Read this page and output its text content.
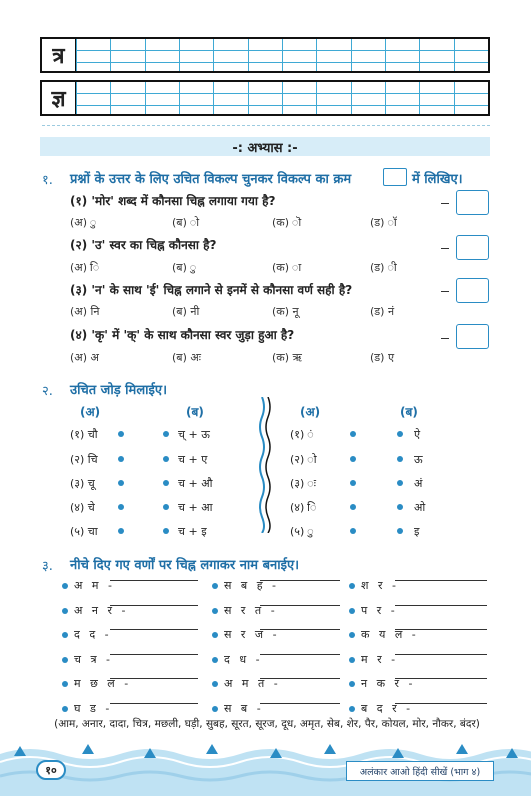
त्र
ज्ञ
-: अभ्यास :-
१. प्रश्नों के उत्तर के लिए उचित विकल्प चुनकर विकल्प का क्रम	में लिखिए।
(१) 'मोर' शब्द में कौनसा चिह्न लगाया गया है?
(अ) ु	(ब) ो	(क) ॊ	(ड) ॉ
(२) 'उ' स्वर का चिह्न कौनसा है?
(अ) ि	(ब) ु	(क) ा	(ड) ी
(३) 'न' के साथ 'ई' चिह्न लगाने से इनमें से कौनसा वर्ण सही है?
(अ) नि	(ब) नी	(क) नू	(ड) नं
(४) 'कृ' में 'क्' के साथ कौनसा स्वर जुड़ा हुआ है?
(अ) अ	(ब) अः	(क) ऋ	(ड) ए
२. उचित जोड़ मिलाईए।
(अ)	(ब)	(अ)	(ब)
(१) चौ	च् + ऊ
(२) चि	च + ए
(३) चू	च + औ
(४) चे	च + आ
(५) चा	च + इ
(१) ं	ऐ
(२) ो	ऊ
(३) ः	अं
(४) ि	ओ
(५) ु	इ
३. नीचे दिए गए वर्णों पर चिह्न लगाकर नाम बनाईए।
अ म -
अ न र -
द द -
च त्र -
म छ ल -
घ ड -
स ब ह -
स र त -
स र ज -
द ध -
अ म त -
स ब -
श र -
प र -
क य ल -
म र -
न क र -
ब द र -
(आम, अनार, दादा, चित्र, मछली, घड़ी, सुबह, सूरत, सूरज, दूध, अमृत, सेब, शेर, पैर, कोयल, मोर, नौकर, बंदर)
१०	अलंकार आओ हिंदी सीखें (भाग ४)
